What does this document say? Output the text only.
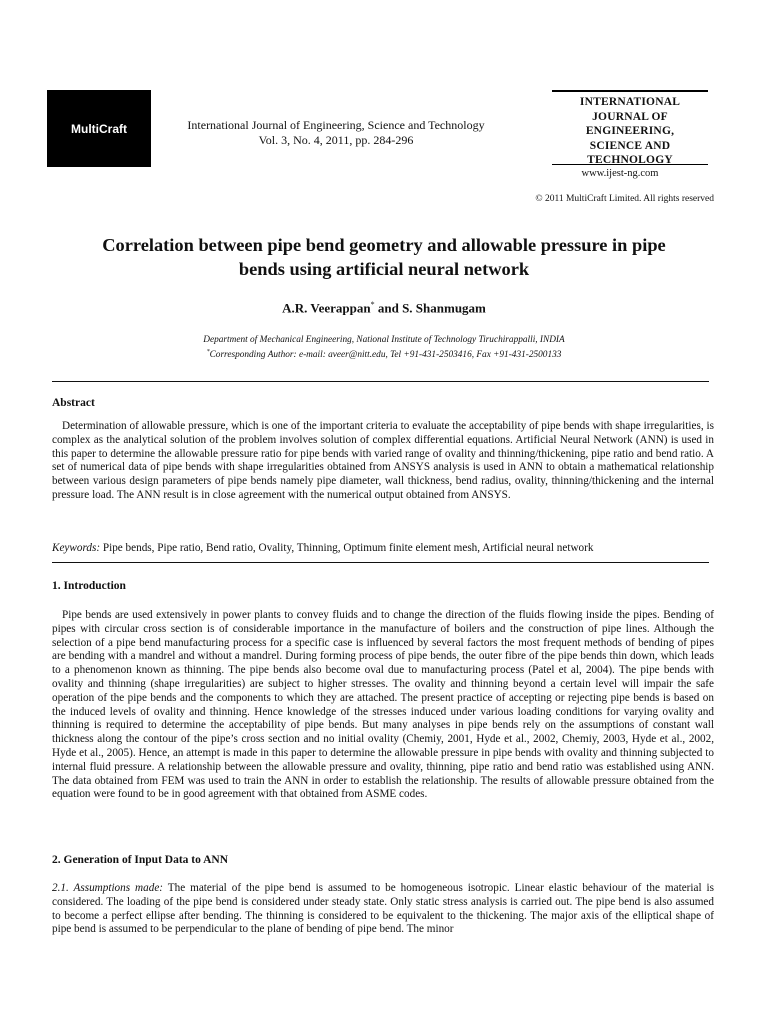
MultiCraft	International Journal of Engineering, Science and Technology
Vol. 3, No. 4, 2011, pp. 284-296
INTERNATIONAL
JOURNAL OF
ENGINEERING,
SCIENCE AND
TECHNOLOGY
www.ijest-ng.com
© 2011 MultiCraft Limited. All rights reserved
Correlation between pipe bend geometry and allowable pressure in pipe
bends using artificial neural network
A.R. Veerappan* and S. Shanmugam
Department of Mechanical Engineering, National Institute of Technology Tiruchirappalli, INDIA
*Corresponding Author: e-mail: aveer@nitt.edu, Tel +91-431-2503416, Fax +91-431-2500133
Abstract
Determination of allowable pressure, which is one of the important criteria to evaluate the acceptability of pipe bends with shape irregularities, is complex as the analytical solution of the problem involves solution of complex differential equations. Artificial Neural Network (ANN) is used in this paper to determine the allowable pressure ratio for pipe bends with varied range of ovality and thinning/thickening, pipe ratio and bend ratio. A set of numerical data of pipe bends with shape irregularities obtained from ANSYS analysis is used in ANN to obtain a mathematical relationship between various design parameters of pipe bends namely pipe diameter, wall thickness, bend radius, ovality, thinning/thickening and the internal pressure load. The ANN result is in close agreement with the numerical output obtained from ANSYS.
Keywords: Pipe bends, Pipe ratio, Bend ratio, Ovality, Thinning, Optimum finite element mesh, Artificial neural network
1. Introduction
Pipe bends are used extensively in power plants to convey fluids and to change the direction of the fluids flowing inside the pipes. Bending of pipes with circular cross section is of considerable importance in the manufacture of boilers and the construction of pipe lines. Although the selection of a pipe bend manufacturing process for a specific case is influenced by several factors the most frequent methods of bending of pipes are bending with a mandrel and without a mandrel. During forming process of pipe bends, the outer fibre of the pipe bends thin down, which leads to a phenomenon known as thinning. The pipe bends also become oval due to manufacturing process (Patel et al, 2004). The pipe bends with ovality and thinning (shape irregularities) are subject to higher stresses. The ovality and thinning beyond a certain level will impair the safe operation of the pipe bends and the components to which they are attached. The present practice of accepting or rejecting pipe bends is based on the induced levels of ovality and thinning. Hence knowledge of the stresses induced under various loading conditions for varying ovality and thinning is required to determine the acceptability of pipe bends. But many analyses in pipe bends rely on the assumptions of constant wall thickness along the contour of the pipe’s cross section and no initial ovality (Chemiy, 2001, Hyde et al., 2002, Chemiy, 2003, Hyde et al., 2002, Hyde et al., 2005). Hence, an attempt is made in this paper to determine the allowable pressure in pipe bends with ovality and thinning subjected to internal fluid pressure. A relationship between the allowable pressure and ovality, thinning, pipe ratio and bend ratio was established using ANN. The data obtained from FEM was used to train the ANN in order to establish the relationship. The results of allowable pressure obtained from the equation were found to be in good agreement with that obtained from ASME codes.
2. Generation of Input Data to ANN
2.1. Assumptions made: The material of the pipe bend is assumed to be homogeneous isotropic. Linear elastic behaviour of the material is considered. The loading of the pipe bend is considered under steady state. Only static stress analysis is carried out. The pipe bend is also assumed to become a perfect ellipse after bending. The thinning is considered to be equivalent to the thickening. The major axis of the elliptical shape of pipe bend is assumed to be perpendicular to the plane of bending of pipe bend. The minor
